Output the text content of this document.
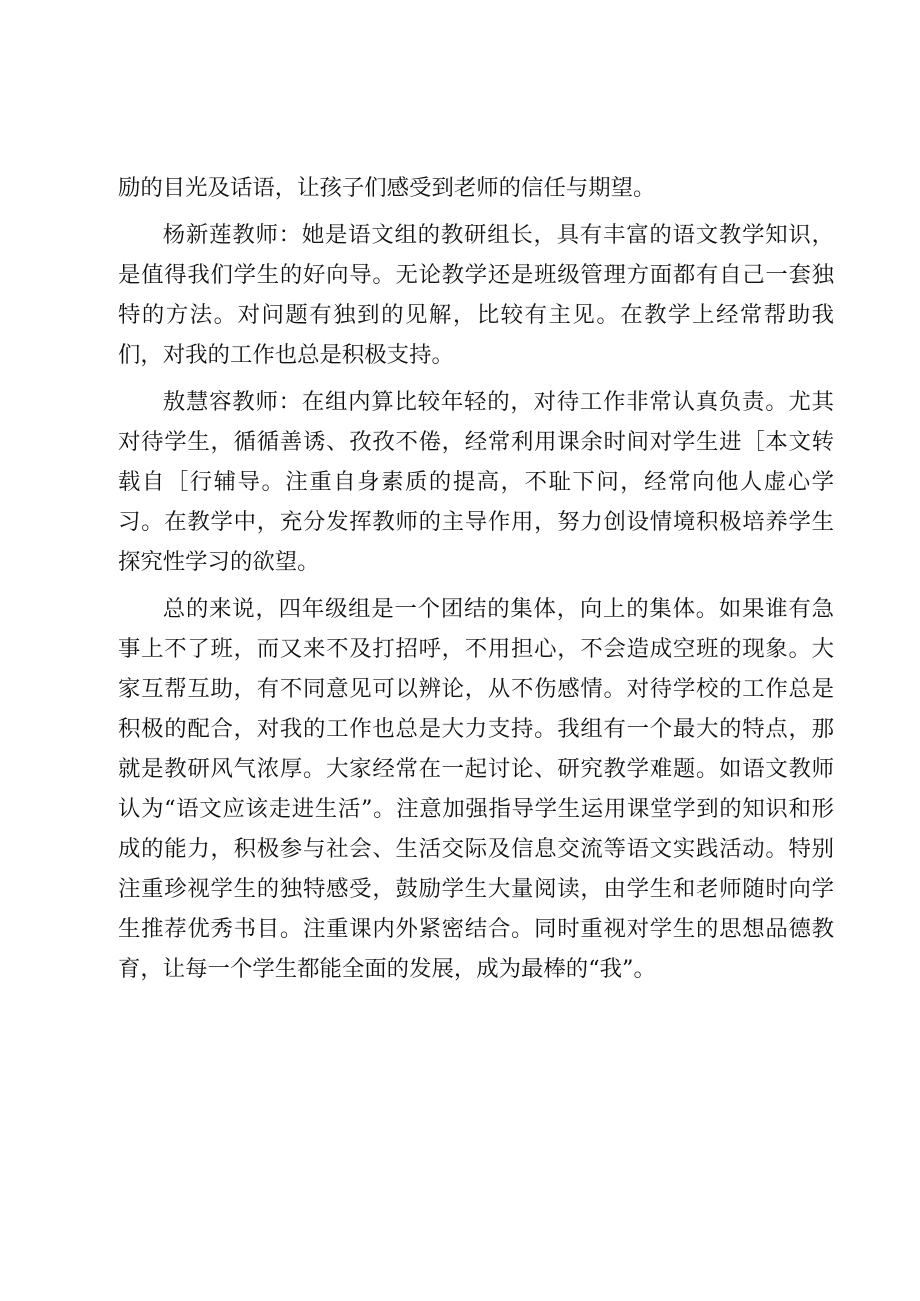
励的目光及话语，让孩子们感受到老师的信任与期望。

杨新莲教师：她是语文组的教研组长，具有丰富的语文教学知识，是值得我们学生的好向导。无论教学还是班级管理方面都有自己一套独特的方法。对问题有独到的见解，比较有主见。在教学上经常帮助我们，对我的工作也总是积极支持。

敖慧容教师：在组内算比较年轻的，对待工作非常认真负责。尤其对待学生，循循善诱、孜孜不倦，经常利用课余时间对学生进［本文转载自［行辅导。注重自身素质的提高，不耻下问，经常向他人虚心学习。在教学中，充分发挥教师的主导作用，努力创设情境积极培养学生探究性学习的欲望。

总的来说，四年级组是一个团结的集体，向上的集体。如果谁有急事上不了班，而又来不及打招呼，不用担心，不会造成空班的现象。大家互帮互助，有不同意见可以辨论，从不伤感情。对待学校的工作总是积极的配合，对我的工作也总是大力支持。我组有一个最大的特点，那就是教研风气浓厚。大家经常在一起讨论、研究教学难题。如语文教师认为“语文应该走进生活”。注意加强指导学生运用课堂学到的知识和形成的能力，积极参与社会、生活交际及信息交流等语文实践活动。特别注重珍视学生的独特感受，鼓励学生大量阅读，由学生和老师随时向学生推荐优秀书目。注重课内外紧密结合。同时重视对学生的思想品德教育，让每一个学生都能全面的发展，成为最棒的“我”。
